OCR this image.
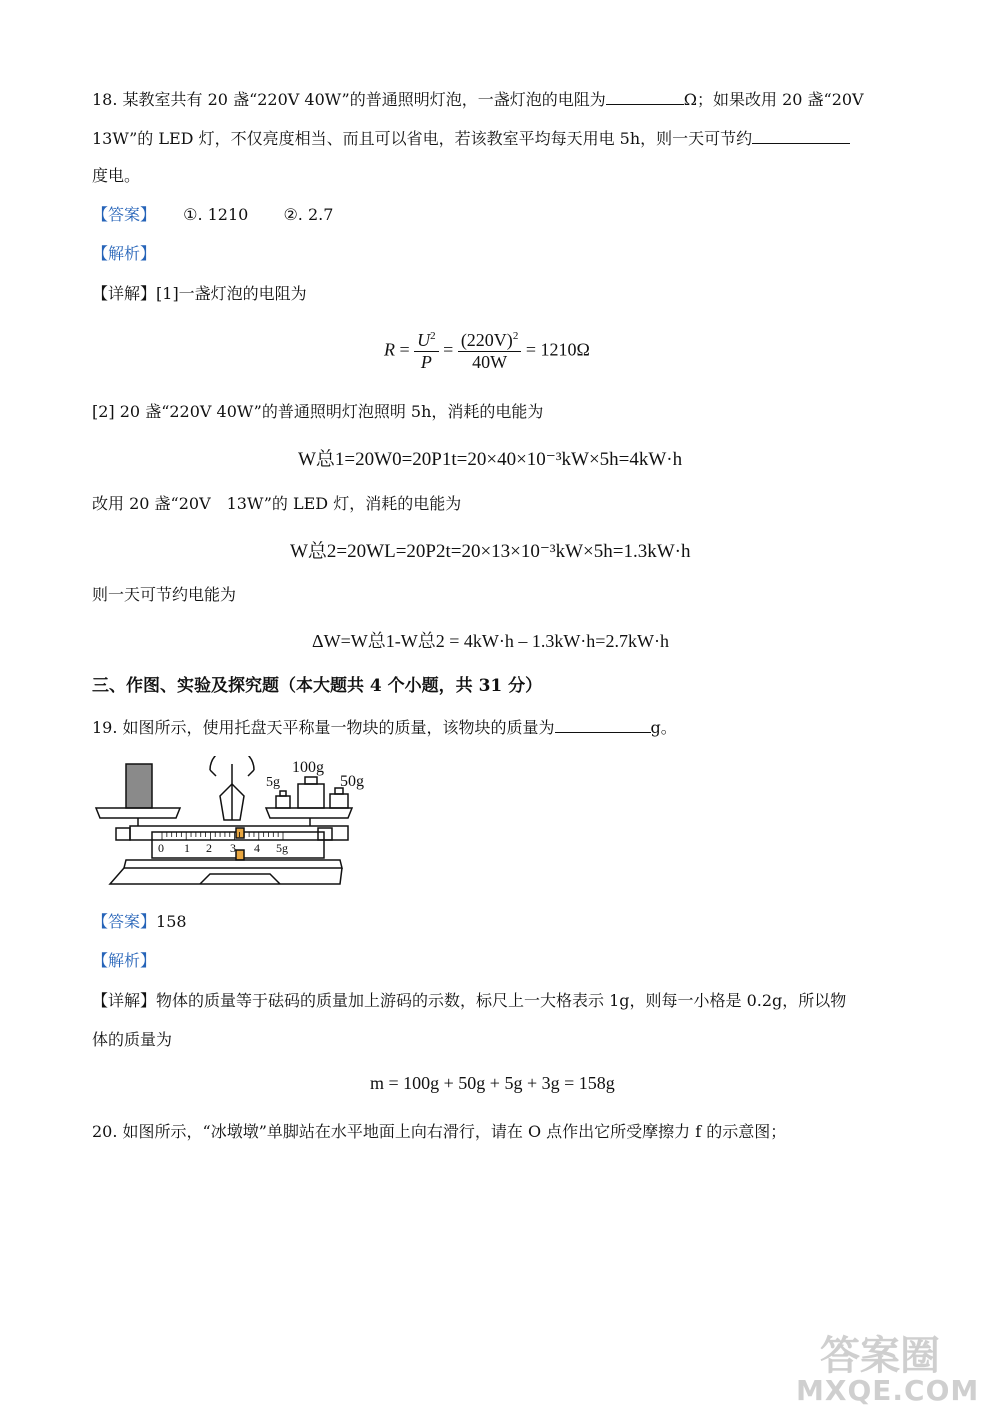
18. 某教室共有 20 盏“220V 40W”的普通照明灯泡，一盏灯泡的电阻为	Ω；如果改用 20 盏“20V
13W”的 LED 灯，不仅亮度相当、而且可以省电，若该教室平均每天用电 5h，则一天可节约
度电。
【答案】 ①. 1210 ②. 2.7
【解析】
【详解】[1]一盏灯泡的电阻为
$R = \frac{U^2}{P} = \frac{(220V)^2}{40W} = 1210\Omega$
[2] 20 盏“220V 40W”的普通照明灯泡照明 5h，消耗的电能为
W总1=20W0=20P1t=20×40×10⁻³kW×5h=4kW·h
改用 20 盏“20V　13W”的 LED 灯，消耗的电能为
W总2=20WL=20P2t=20×13×10⁻³kW×5h=1.3kW·h
则一天可节约电能为
ΔW=W总1-W总2 = 4kW·h – 1.3kW·h=2.7kW·h
三、作图、实验及探究题（本大题共 4 个小题，共 31 分）
19. 如图所示，使用托盘天平称量一物块的质量，该物块的质量为	g。
5g
100g
50g
0 1 2 3 4 5g
【答案】158
【解析】
【详解】物体的质量等于砝码的质量加上游码的示数，标尺上一大格表示 1g，则每一小格是 0.2g，所以物
体的质量为
m = 100g + 50g + 5g + 3g = 158g
20. 如图所示，“冰墩墩”单脚站在水平地面上向右滑行，请在 O 点作出它所受摩擦力 f 的示意图；
答案圈
MXQE.COM
